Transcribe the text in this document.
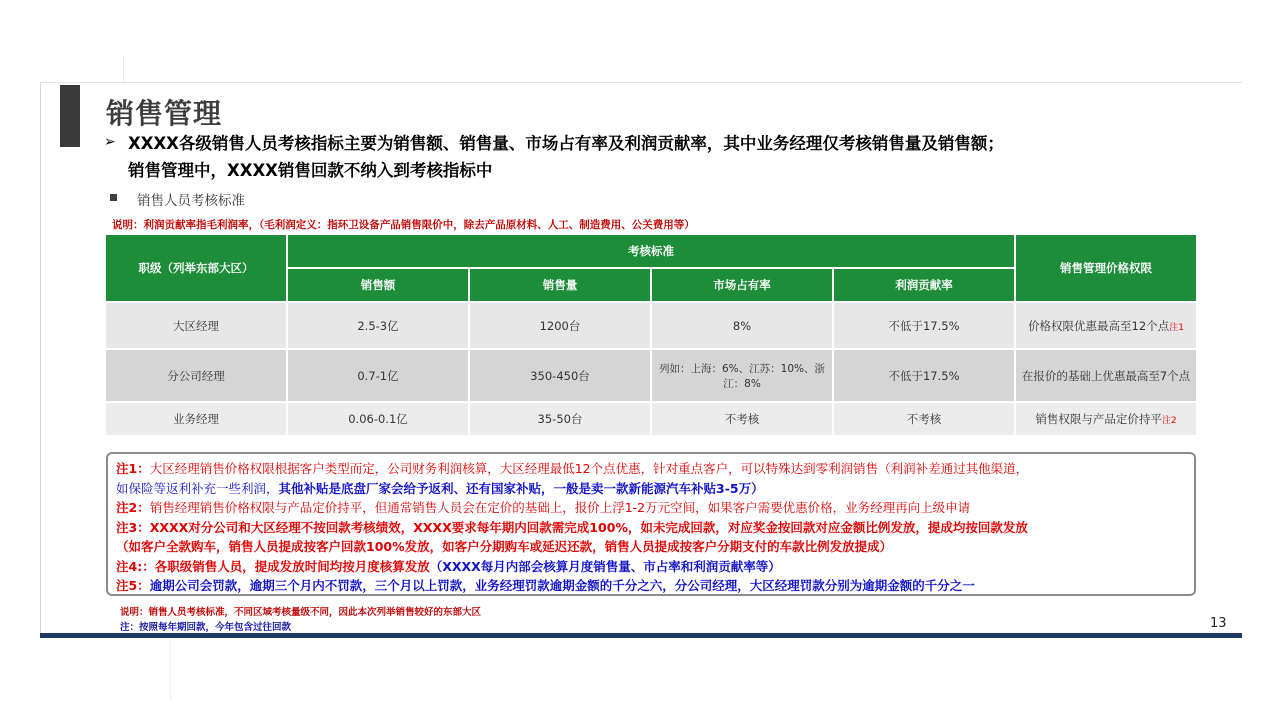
销售管理
➢ XXXX各级销售人员考核指标主要为销售额、销售量、市场占有率及利润贡献率，其中业务经理仅考核销售量及销售额；
销售管理中，XXXX销售回款不纳入到考核指标中
销售人员考核标准
说明：利润贡献率指毛利润率，（毛利润定义：指环卫设备产品销售限价中，除去产品原材料、人工、制造费用、公关费用等）
职级（列举东部大区）	考核标准				销售管理价格权限
	销售额	销售量	市场占有率	利润贡献率	
大区经理	2.5-3亿	1200台	8%	不低于17.5%	价格权限优惠最高至12个点注1
分公司经理	0.7-1亿	350-450台	列如：上海：6%、江苏：10%、浙江：8%	不低于17.5%	在报价的基础上优惠最高至7个点
业务经理	0.06-0.1亿	35-50台	不考核	不考核	销售权限与产品定价持平注2
注1：大区经理销售价格权限根据客户类型而定，公司财务利润核算，大区经理最低12个点优惠，针对重点客户，可以特殊达到零利润销售（利润补差通过其他渠道，
如保险等返利补充一些利润，其他补贴是底盘厂家会给予返利、还有国家补贴，一般是卖一款新能源汽车补贴3-5万）
注2：销售经理销售价格权限与产品定价持平，但通常销售人员会在定价的基础上，报价上浮1-2万元空间，如果客户需要优惠价格，业务经理再向上级申请
注3：XXXX对分公司和大区经理不按回款考核绩效，XXXX要求每年期内回款需完成100%，如未完成回款，对应奖金按回款对应金额比例发放，提成均按回款发放
（如客户全款购车，销售人员提成按客户回款100%发放，如客户分期购车或延迟还款，销售人员提成按客户分期支付的车款比例发放提成）
注4:：各职级销售人员，提成发放时间均按月度核算发放（XXXX每月内部会核算月度销售量、市占率和利润贡献率等）
注5：逾期公司会罚款，逾期三个月内不罚款，三个月以上罚款，业务经理罚款逾期金额的千分之六，分公司经理，大区经理罚款分别为逾期金额的千分之一
说明：销售人员考核标准，不同区域考核量级不同，因此本次列举销售较好的东部大区
注：按照每年期回款，今年包含过往回款	13
